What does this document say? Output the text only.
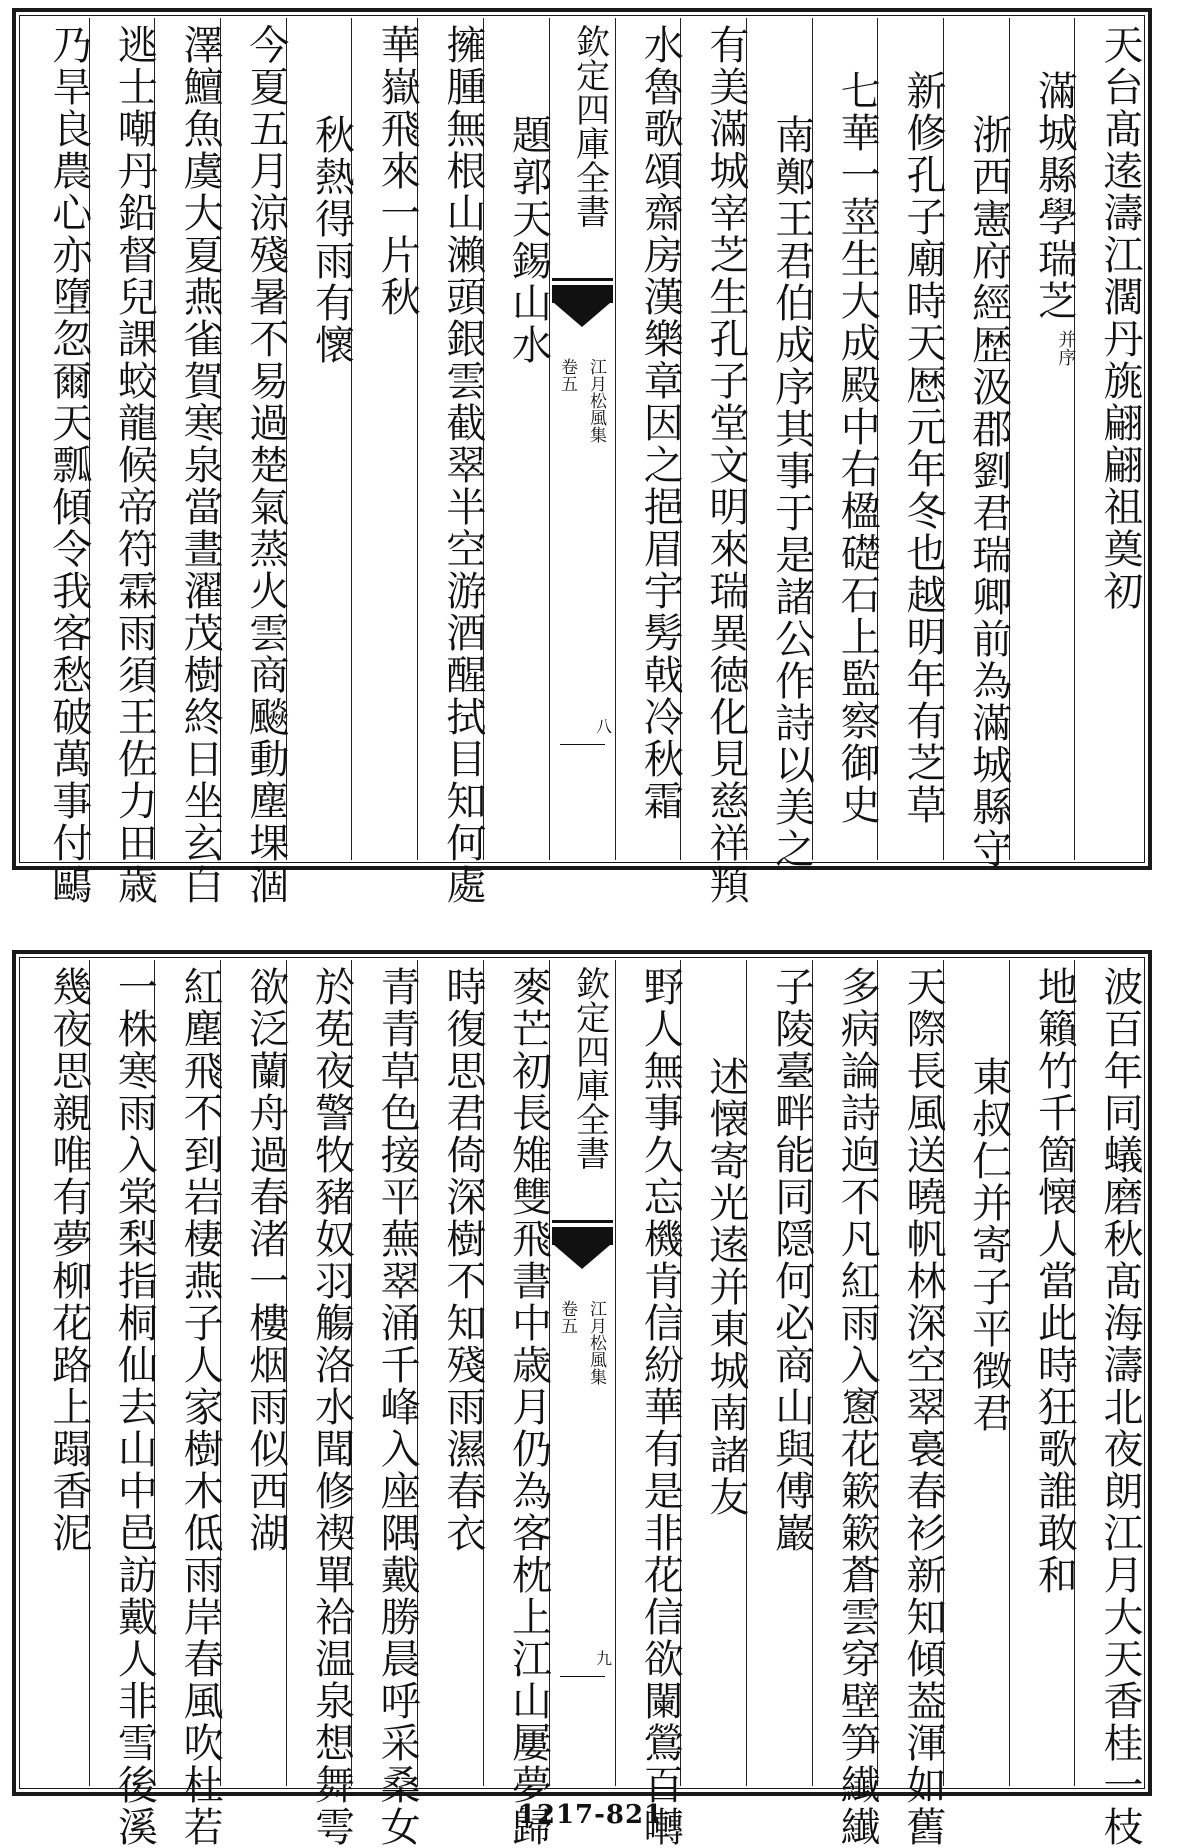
天台髙逺濤江濶丹旐翩翩祖奠初
滿城縣學瑞芝
并序
浙西憲府經歴汲郡劉君瑞卿前為滿城縣守
新修孔子廟時天厯元年冬也越明年有芝草
七華一莖生大成殿中右楹礎石上監察御史
南鄭王君伯成序其事于是諸公作詩以美之
有美滿城宰芝生孔子堂文明來瑞異徳化見慈祥頖
水魯歌頌齋房漢樂章因之挹眉宇髣戟冷秋霜
欽定四庫全書
江月松風集
卷五
八
題郭天錫山水
擁腫無根山瀨頭銀雲截翠半空游酒醒拭目知何處
華嶽飛來一片秋
秋熱得雨有懷
今夏五月涼殘暑不易過楚氣蒸火雲商飈動塵堁涸
澤鱣魚虞大夏燕雀賀寒泉當晝濯茂樹終日坐玄白
逃士嘲丹鉛督兒課蛟龍候帝符霖雨須王佐力田歳
乃旱良農心亦墮忽爾天瓢傾令我客愁破萬事付鷗
波百年同蟻磨秋髙海濤北夜朗江月大天香桂一枝
地籟竹千箇懐人當此時狂歌誰敢和
東叔仁并寄子平徴君
天際長風送曉帆林深空翠裛春衫新知傾葢渾如舊
多病論詩逈不凡紅雨入窻花簌簌蒼雲穿壁笋纎纎
子陵臺畔能同隠何必商山與傅巖
述懐寄光逺并東城南諸友
野人無事久忘機肯信紛華有是非花信欲闌鶯百囀
欽定四庫全書
江月松風集
卷五
九
麥芒初長雉雙飛書中歳月仍為客枕上江山屢夢歸
時復思君倚深樹不知殘雨濕春衣
青青草色接平蕪翠涌千峰入座隅戴勝晨呼采桑女
於莬夜警牧豬奴羽觴洛水聞修禊單袷温泉想舞雩
欲泛蘭舟過春渚一樓烟雨似西湖
紅塵飛不到岩棲燕子人家樹木低雨岸春風吹杜若
一株寒雨入棠梨指桐仙去山中邑訪戴人非雪後溪
幾夜思親唯有夢柳花路上蹋香泥
1217-821
